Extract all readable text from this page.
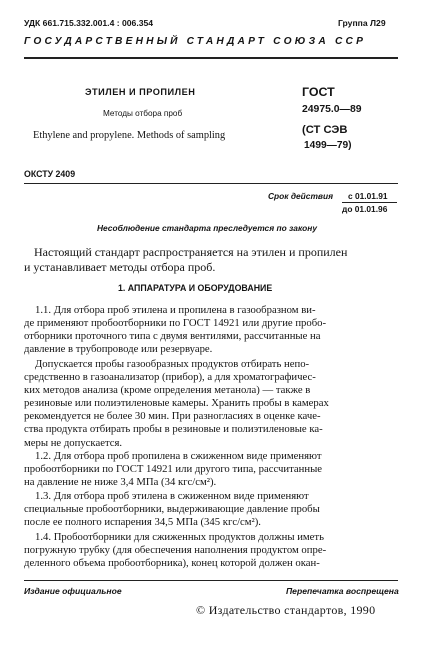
УДК 661.715.332.001.4 : 006.354	Группа Л29
ГОСУДАРСТВЕННЫЙ СТАНДАРТ СОЮЗА ССР
ЭТИЛЕН И ПРОПИЛЕН
Методы отбора проб
Ethylene and propylene. Methods of sampling
ГОСТ
24975.0—89
(СТ СЭВ
1499—79)
ОКСТУ 2409
Срок действия с 01.01.91
до 01.01.96
Несоблюдение стандарта преследуется по закону
Настоящий стандарт распространяется на этилен и пропилен
и устанавливает методы отбора проб.
1. АППАРАТУРА И ОБОРУДОВАНИЕ
1.1. Для отбора проб этилена и пропилена в газообразном ви-
де применяют пробоотборники по ГОСТ 14921 или другие пробо-
отборники проточного типа с двумя вентилями, рассчитанные на
давление в трубопроводе или резервуаре.
Допускается пробы газообразных продуктов отбирать непо-
средственно в газоанализатор (прибор), а для хроматографичес-
ких методов анализа (кроме определения метанола) — также в
резиновые или полиэтиленовые камеры. Хранить пробы в камерах
рекомендуется не более 30 мин. При разногласиях в оценке каче-
ства продукта отбирать пробы в резиновые и полиэтиленовые ка-
меры не допускается.
1.2. Для отбора проб пропилена в сжиженном виде применяют
пробоотборники по ГОСТ 14921 или другого типа, рассчитанные
на давление не ниже 3,4 МПа (34 кгс/см²).
1.3. Для отбора проб этилена в сжиженном виде применяют
специальные пробоотборники, выдерживающие давление пробы
после ее полного испарения 34,5 МПа (345 кгс/см²).
1.4. Пробоотборники для сжиженных продуктов должны иметь
погружную трубку (для обеспечения наполнения продуктом опре-
деленного объема пробоотборника), конец которой должен окан-
Издание официальное	Перепечатка воспрещена
© Издательство стандартов, 1990
